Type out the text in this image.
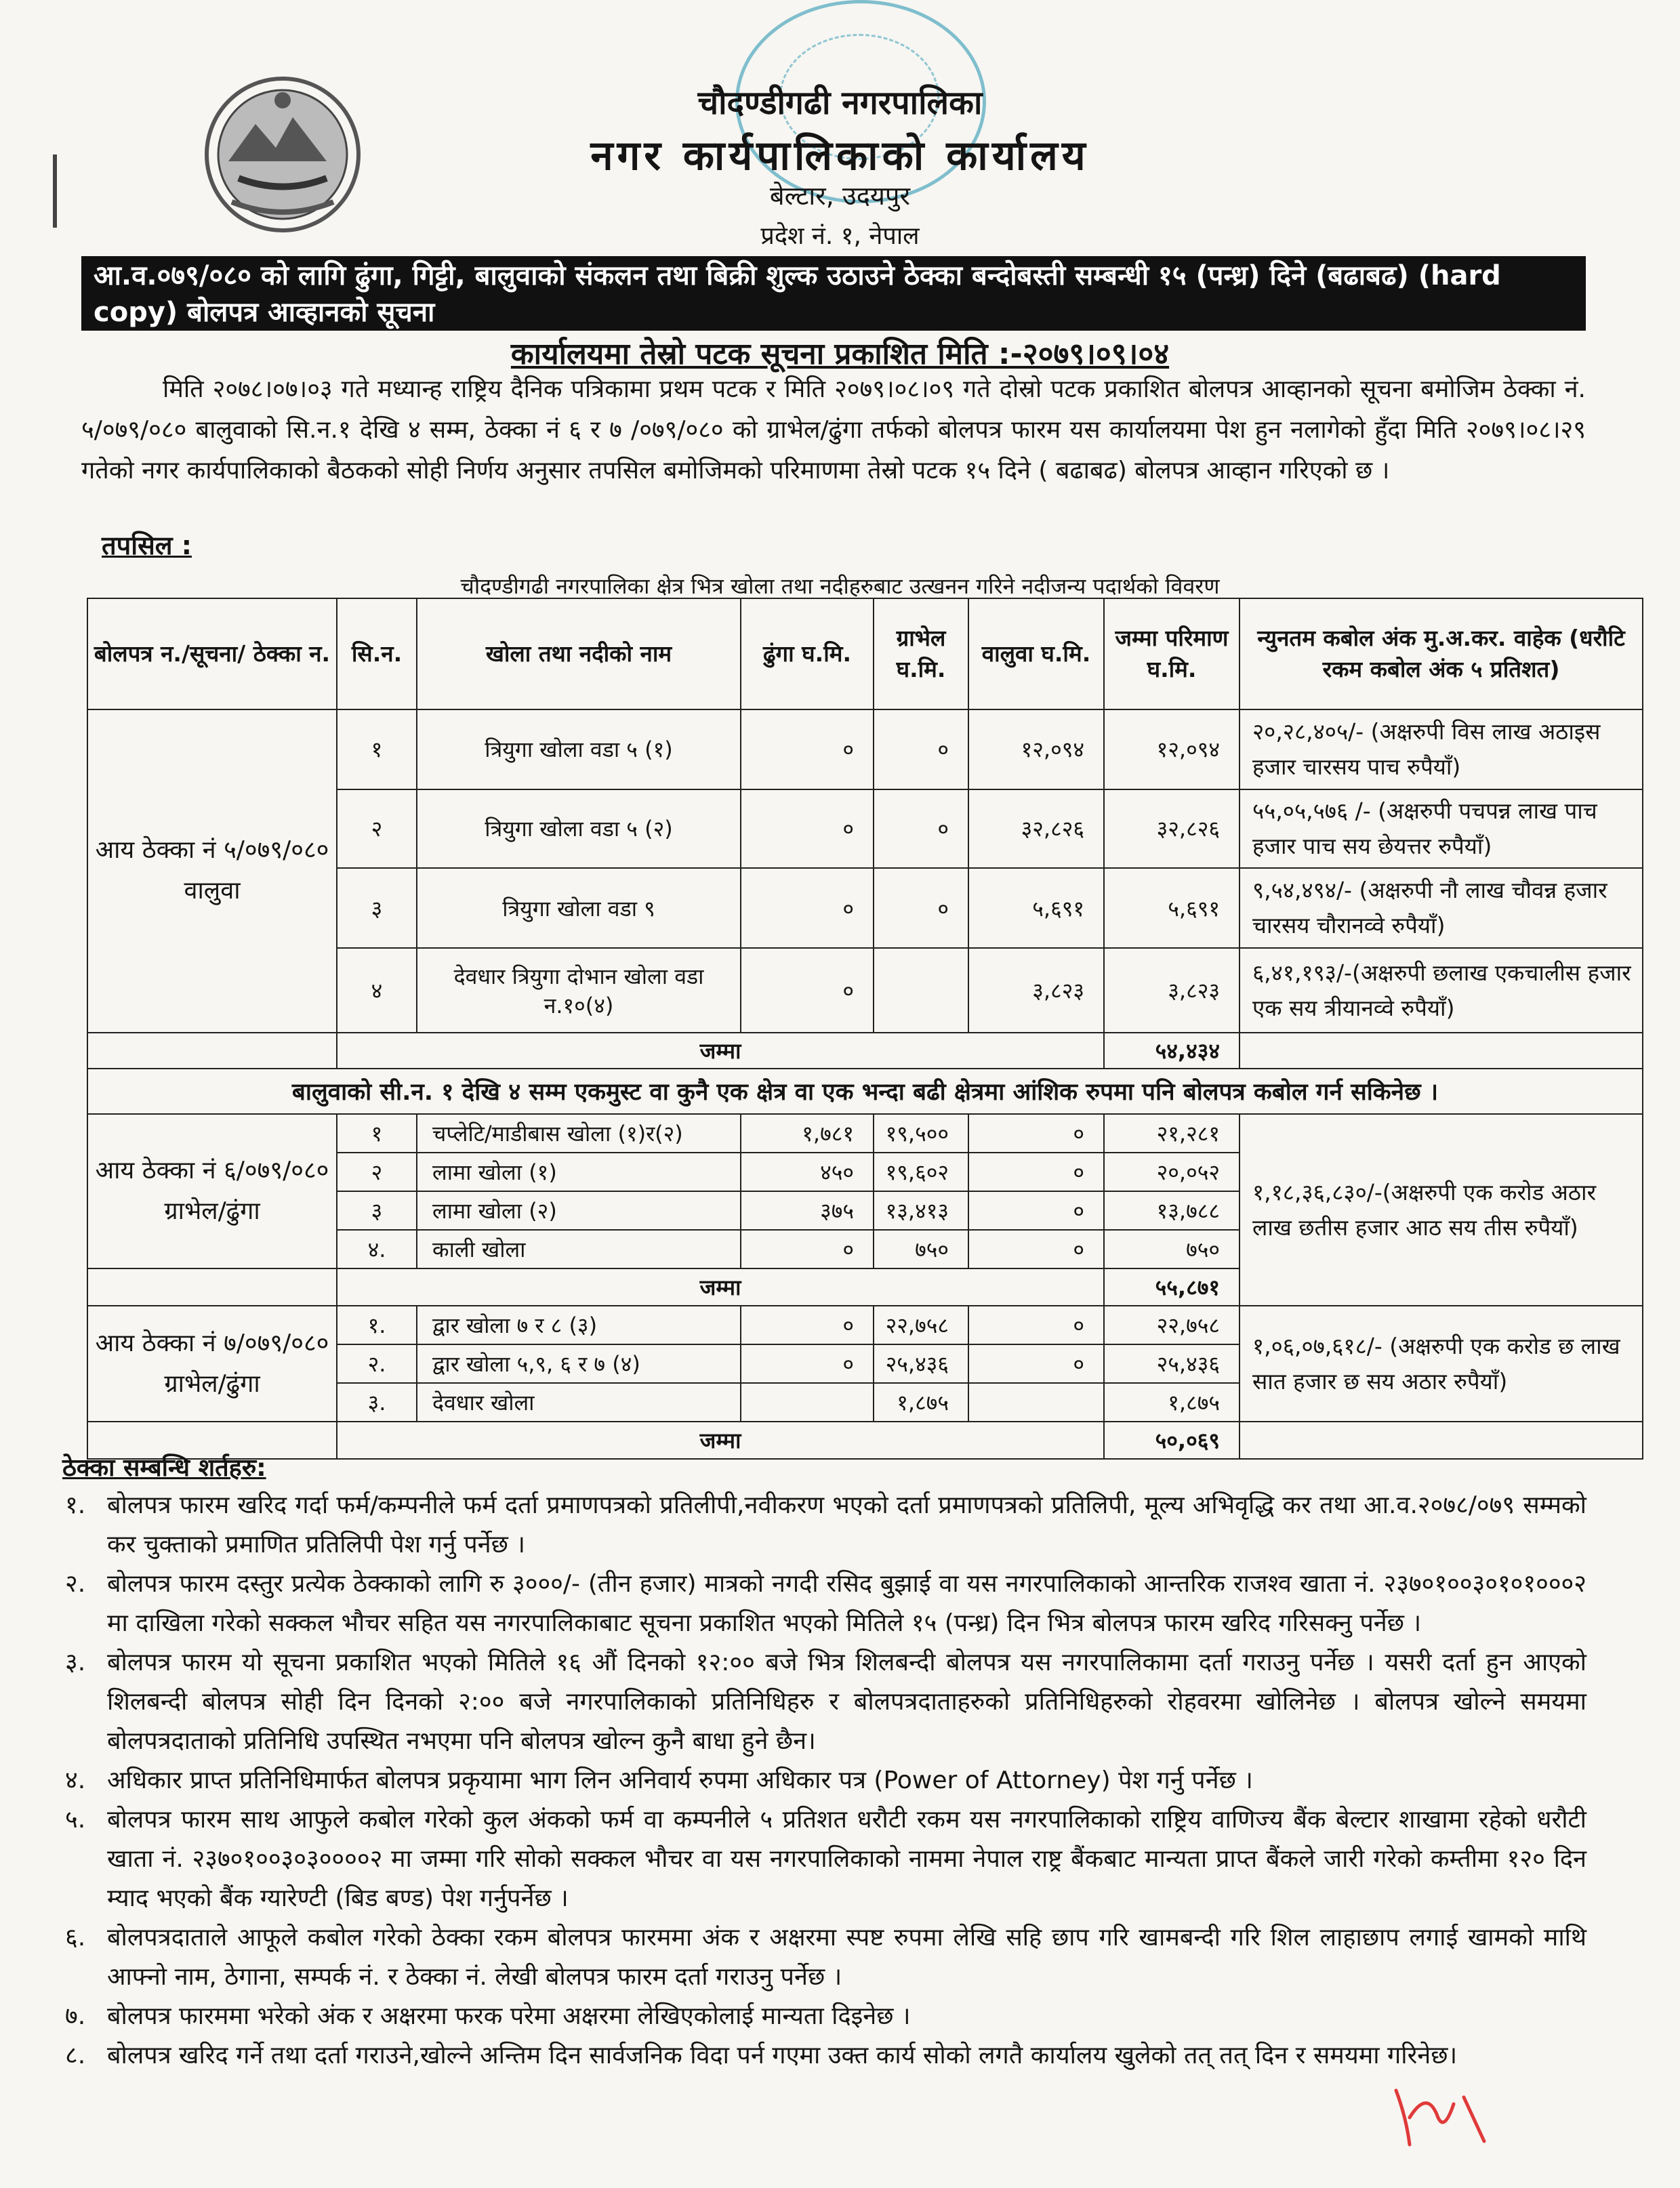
चौदण्डीगढी नगरपालिका
नगर कार्यपालिकाको कार्यालय
बेल्टार, उदयपुर
प्रदेश नं. १, नेपाल
आ.व.०७९/०८० को लागि ढुंगा, गिट्टी, बालुवाको संकलन तथा बिक्री शुल्क उठाउने ठेक्का बन्दोबस्ती सम्बन्धी १५ (पन्ध्र) दिने (बढाबढ) (hard copy) बोलपत्र आव्हानको सूचना
कार्यालयमा तेस्रो पटक सूचना प्रकाशित मिति :-२०७९।०९।०४
मिति २०७८।०७।०३ गते मध्यान्ह राष्ट्रिय दैनिक पत्रिकामा प्रथम पटक र मिति २०७९।०८।०९ गते दोस्रो पटक प्रकाशित बोलपत्र आव्हानको सूचना बमोजिम ठेक्का नं. ५/०७९/०८० बालुवाको सि.न.१ देखि ४ सम्म, ठेक्का नं ६ र ७ /०७९/०८० को ग्राभेल/ढुंगा तर्फको बोलपत्र फारम यस कार्यालयमा पेश हुन नलागेको हुँदा मिति २०७९।०८।२९ गतेको नगर कार्यपालिकाको बैठकको सोही निर्णय अनुसार तपसिल बमोजिमको परिमाणमा तेस्रो पटक १५ दिने ( बढाबढ) बोलपत्र आव्हान गरिएको छ ।
तपसिल :
चौदण्डीगढी नगरपालिका क्षेत्र भित्र खोला तथा नदीहरुबाट उत्खनन गरिने नदीजन्य पदार्थको विवरण
बोलपत्र न./सूचना/ ठेक्का न.	सि.न.	खोला तथा नदीको नाम	ढुंगा घ.मि.	ग्राभेल घ.मि.	वालुवा घ.मि.	जम्मा परिमाण घ.मि.	न्युनतम कबोल अंक मु.अ.कर. वाहेक (धरौटि रकम कबोल अंक ५ प्रतिशत)
आय ठेक्का नं ५/०७९/०८० वालुवा	१	त्रियुगा खोला वडा ५ (१)	०	०	१२,०९४	१२,०९४	२०,२८,४०५/- (अक्षरुपी विस लाख अठाइस हजार चारसय पाच रुपैयाँ)
	२	त्रियुगा खोला वडा ५ (२)	०	०	३२,८२६	३२,८२६	५५,०५,५७६ /- (अक्षरुपी पचपन्न लाख पाच हजार पाच सय छेयत्तर रुपैयाँ)
	३	त्रियुगा खोला वडा ९	०	०	५,६९१	५,६९१	९,५४,४९४/- (अक्षरुपी नौ लाख चौवन्न हजार चारसय चौरानव्वे रुपैयाँ)
	४	देवधार त्रियुगा दोभान खोला वडा न.१०(४)	०		३,८२३	३,८२३	६,४१,१९३/-(अक्षरुपी छलाख एकचालीस हजार एक सय त्रीयानव्वे रुपैयाँ)
	जम्मा					५४,४३४	
बालुवाको सी.न. १ देखि ४ सम्म एकमुस्ट वा कुनै एक क्षेत्र वा एक भन्दा बढी क्षेत्रमा आंशिक रुपमा पनि बोलपत्र कबोल गर्न सकिनेछ ।							
आय ठेक्का नं ६/०७९/०८० ग्राभेल/ढुंगा	१	चप्लेटि/माडीबास खोला (१)र(२)	१,७८१	१९,५००	०	२१,२८१	१,१८,३६,८३०/-(अक्षरुपी एक करोड अठार लाख छतीस हजार आठ सय तीस रुपैयाँ)
	२	लामा खोला (१)	४५०	१९,६०२	०	२०,०५२	
	३	लामा खोला (२)	३७५	१३,४१३	०	१३,७८८	
	४.	काली खोला	०	७५०	०	७५०	
	जम्मा					५५,८७१	
आय ठेक्का नं ७/०७९/०८० ग्राभेल/ढुंगा	१.	द्वार खोला ७ र ८ (३)	०	२२,७५८	०	२२,७५८	१,०६,०७,६१८/- (अक्षरुपी एक करोड छ लाख सात हजार छ सय अठार रुपैयाँ)
	२.	द्वार खोला ५,९, ६ र ७ (४)	०	२५,४३६	०	२५,४३६	
	३.	देवधार खोला		१,८७५		१,८७५	
	जम्मा					५०,०६९	
ठेक्का सम्बन्धि शर्तहरु:
१. बोलपत्र फारम खरिद गर्दा फर्म/कम्पनीले फर्म दर्ता प्रमाणपत्रको प्रतिलीपी,नवीकरण भएको दर्ता प्रमाणपत्रको प्रतिलिपी, मूल्य अभिवृद्धि कर तथा आ.व.२०७८/०७९ सम्मको कर चुक्ताको प्रमाणित प्रतिलिपी पेश गर्नु पर्नेछ ।
२. बोलपत्र फारम दस्तुर प्रत्येक ठेक्काको लागि रु ३०००/- (तीन हजार) मात्रको नगदी रसिद बुझाई वा यस नगरपालिकाको आन्तरिक राजश्व खाता नं. २३७०१००३०१०१०००२ मा दाखिला गरेको सक्कल भौचर सहित यस नगरपालिकाबाट सूचना प्रकाशित भएको मितिले १५ (पन्ध्र) दिन भित्र बोलपत्र फारम खरिद गरिसक्नु पर्नेछ ।
३. बोलपत्र फारम यो सूचना प्रकाशित भएको मितिले १६ औं दिनको १२:०० बजे भित्र शिलबन्दी बोलपत्र यस नगरपालिकामा दर्ता गराउनु पर्नेछ । यसरी दर्ता हुन आएको शिलबन्दी बोलपत्र सोही दिन दिनको २:०० बजे नगरपालिकाको प्रतिनिधिहरु र बोलपत्रदाताहरुको प्रतिनिधिहरुको रोहवरमा खोलिनेछ । बोलपत्र खोल्ने समयमा बोलपत्रदाताको प्रतिनिधि उपस्थित नभएमा पनि बोलपत्र खोल्न कुनै बाधा हुने छैन।
४. अधिकार प्राप्त प्रतिनिधिमार्फत बोलपत्र प्रकृयामा भाग लिन अनिवार्य रुपमा अधिकार पत्र (Power of Attorney) पेश गर्नु पर्नेछ ।
५. बोलपत्र फारम साथ आफुले कबोल गरेको कुल अंकको फर्म वा कम्पनीले ५ प्रतिशत धरौटी रकम यस नगरपालिकाको राष्ट्रिय वाणिज्य बैंक बेल्टार शाखामा रहेको धरौटी खाता नं. २३७०१००३०३००००२ मा जम्मा गरि सोको सक्कल भौचर वा यस नगरपालिकाको नाममा नेपाल राष्ट्र बैंकबाट मान्यता प्राप्त बैंकले जारी गरेको कम्तीमा १२० दिन म्याद भएको बैंक ग्यारेण्टी (बिड बण्ड) पेश गर्नुपर्नेछ ।
६. बोलपत्रदाताले आफूले कबोल गरेको ठेक्का रकम बोलपत्र फारममा अंक र अक्षरमा स्पष्ट रुपमा लेखि सहि छाप गरि खामबन्दी गरि शिल लाहाछाप लगाई खामको माथि आफ्नो नाम, ठेगाना, सम्पर्क नं. र ठेक्का नं. लेखी बोलपत्र फारम दर्ता गराउनु पर्नेछ ।
७. बोलपत्र फारममा भरेको अंक र अक्षरमा फरक परेमा अक्षरमा लेखिएकोलाई मान्यता दिइनेछ ।
८. बोलपत्र खरिद गर्ने तथा दर्ता गराउने,खोल्ने अन्तिम दिन सार्वजनिक विदा पर्न गएमा उक्त कार्य सोको लगतै कार्यालय खुलेको तत् तत् दिन र समयमा गरिनेछ।
